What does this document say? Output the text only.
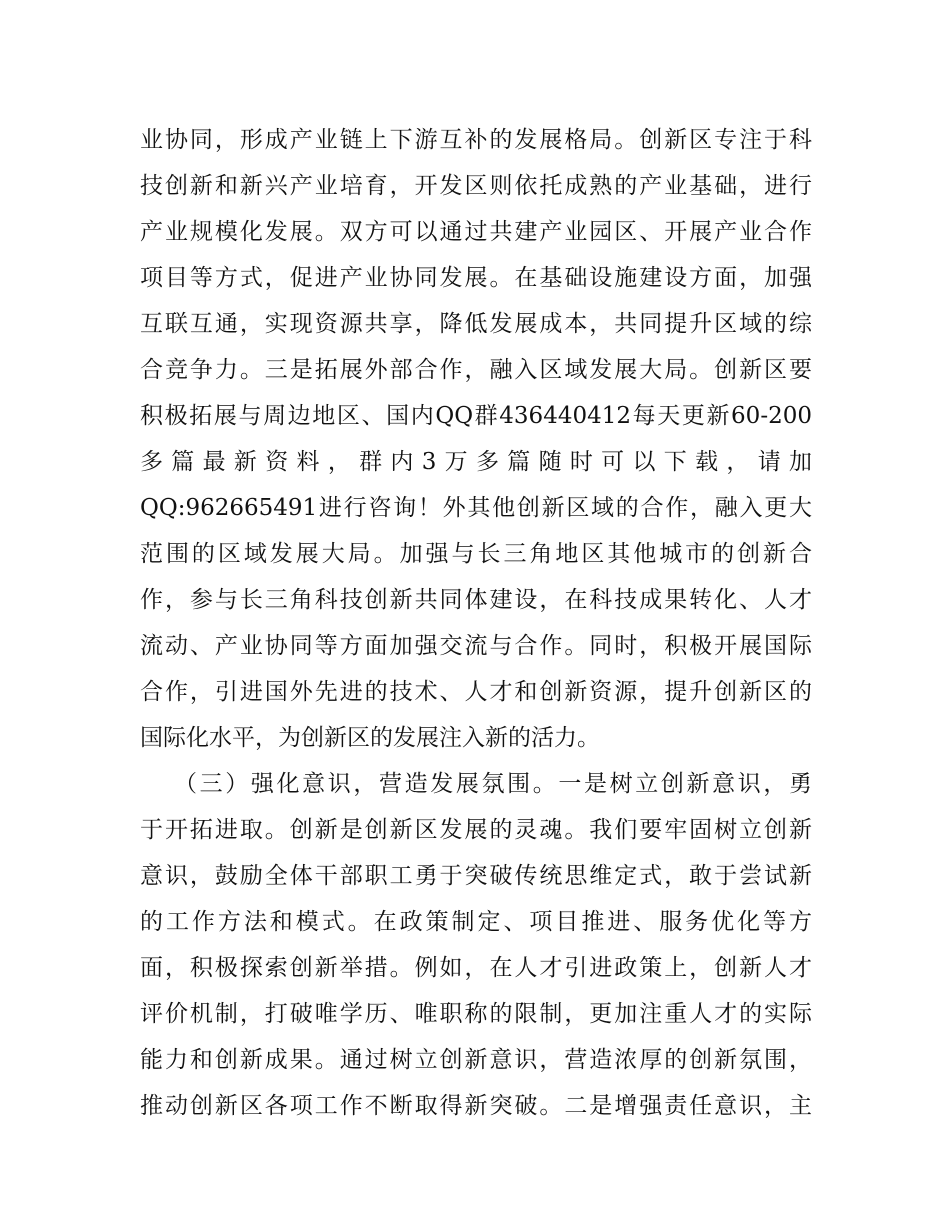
业协同，形成产业链上下游互补的发展格局。创新区专注于科
技创新和新兴产业培育，开发区则依托成熟的产业基础，进行
产业规模化发展。双方可以通过共建产业园区、开展产业合作
项目等方式，促进产业协同发展。在基础设施建设方面，加强
互联互通，实现资源共享，降低发展成本，共同提升区域的综
合竞争力。三是拓展外部合作，融入区域发展大局。创新区要
积极拓展与周边地区、国内QQ群436440412每天更新60-200
多篇最新资料，群内3万多篇随时可以下载，请加
QQ:962665491进行咨询！外其他创新区域的合作，融入更大
范围的区域发展大局。加强与长三角地区其他城市的创新合
作，参与长三角科技创新共同体建设，在科技成果转化、人才
流动、产业协同等方面加强交流与合作。同时，积极开展国际
合作，引进国外先进的技术、人才和创新资源，提升创新区的
国际化水平，为创新区的发展注入新的活力。
（三）强化意识，营造发展氛围。一是树立创新意识，勇
于开拓进取。创新是创新区发展的灵魂。我们要牢固树立创新
意识，鼓励全体干部职工勇于突破传统思维定式，敢于尝试新
的工作方法和模式。在政策制定、项目推进、服务优化等方
面，积极探索创新举措。例如，在人才引进政策上，创新人才
评价机制，打破唯学历、唯职称的限制，更加注重人才的实际
能力和创新成果。通过树立创新意识，营造浓厚的创新氛围，
推动创新区各项工作不断取得新突破。二是增强责任意识，主
